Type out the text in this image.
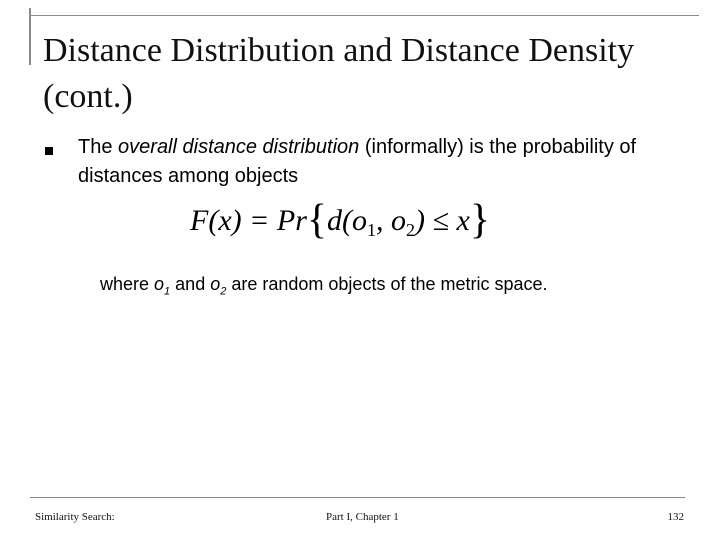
Distance Distribution and Distance Density (cont.)
The overall distance distribution (informally) is the probability of distances among objects
$F(x) = Pr\{d(o_1$, $o_2) \le x$}
where $o_1$ and $o_2$ are random objects of the metric space.
Similarity Search:	Part I, Chapter 1	132
